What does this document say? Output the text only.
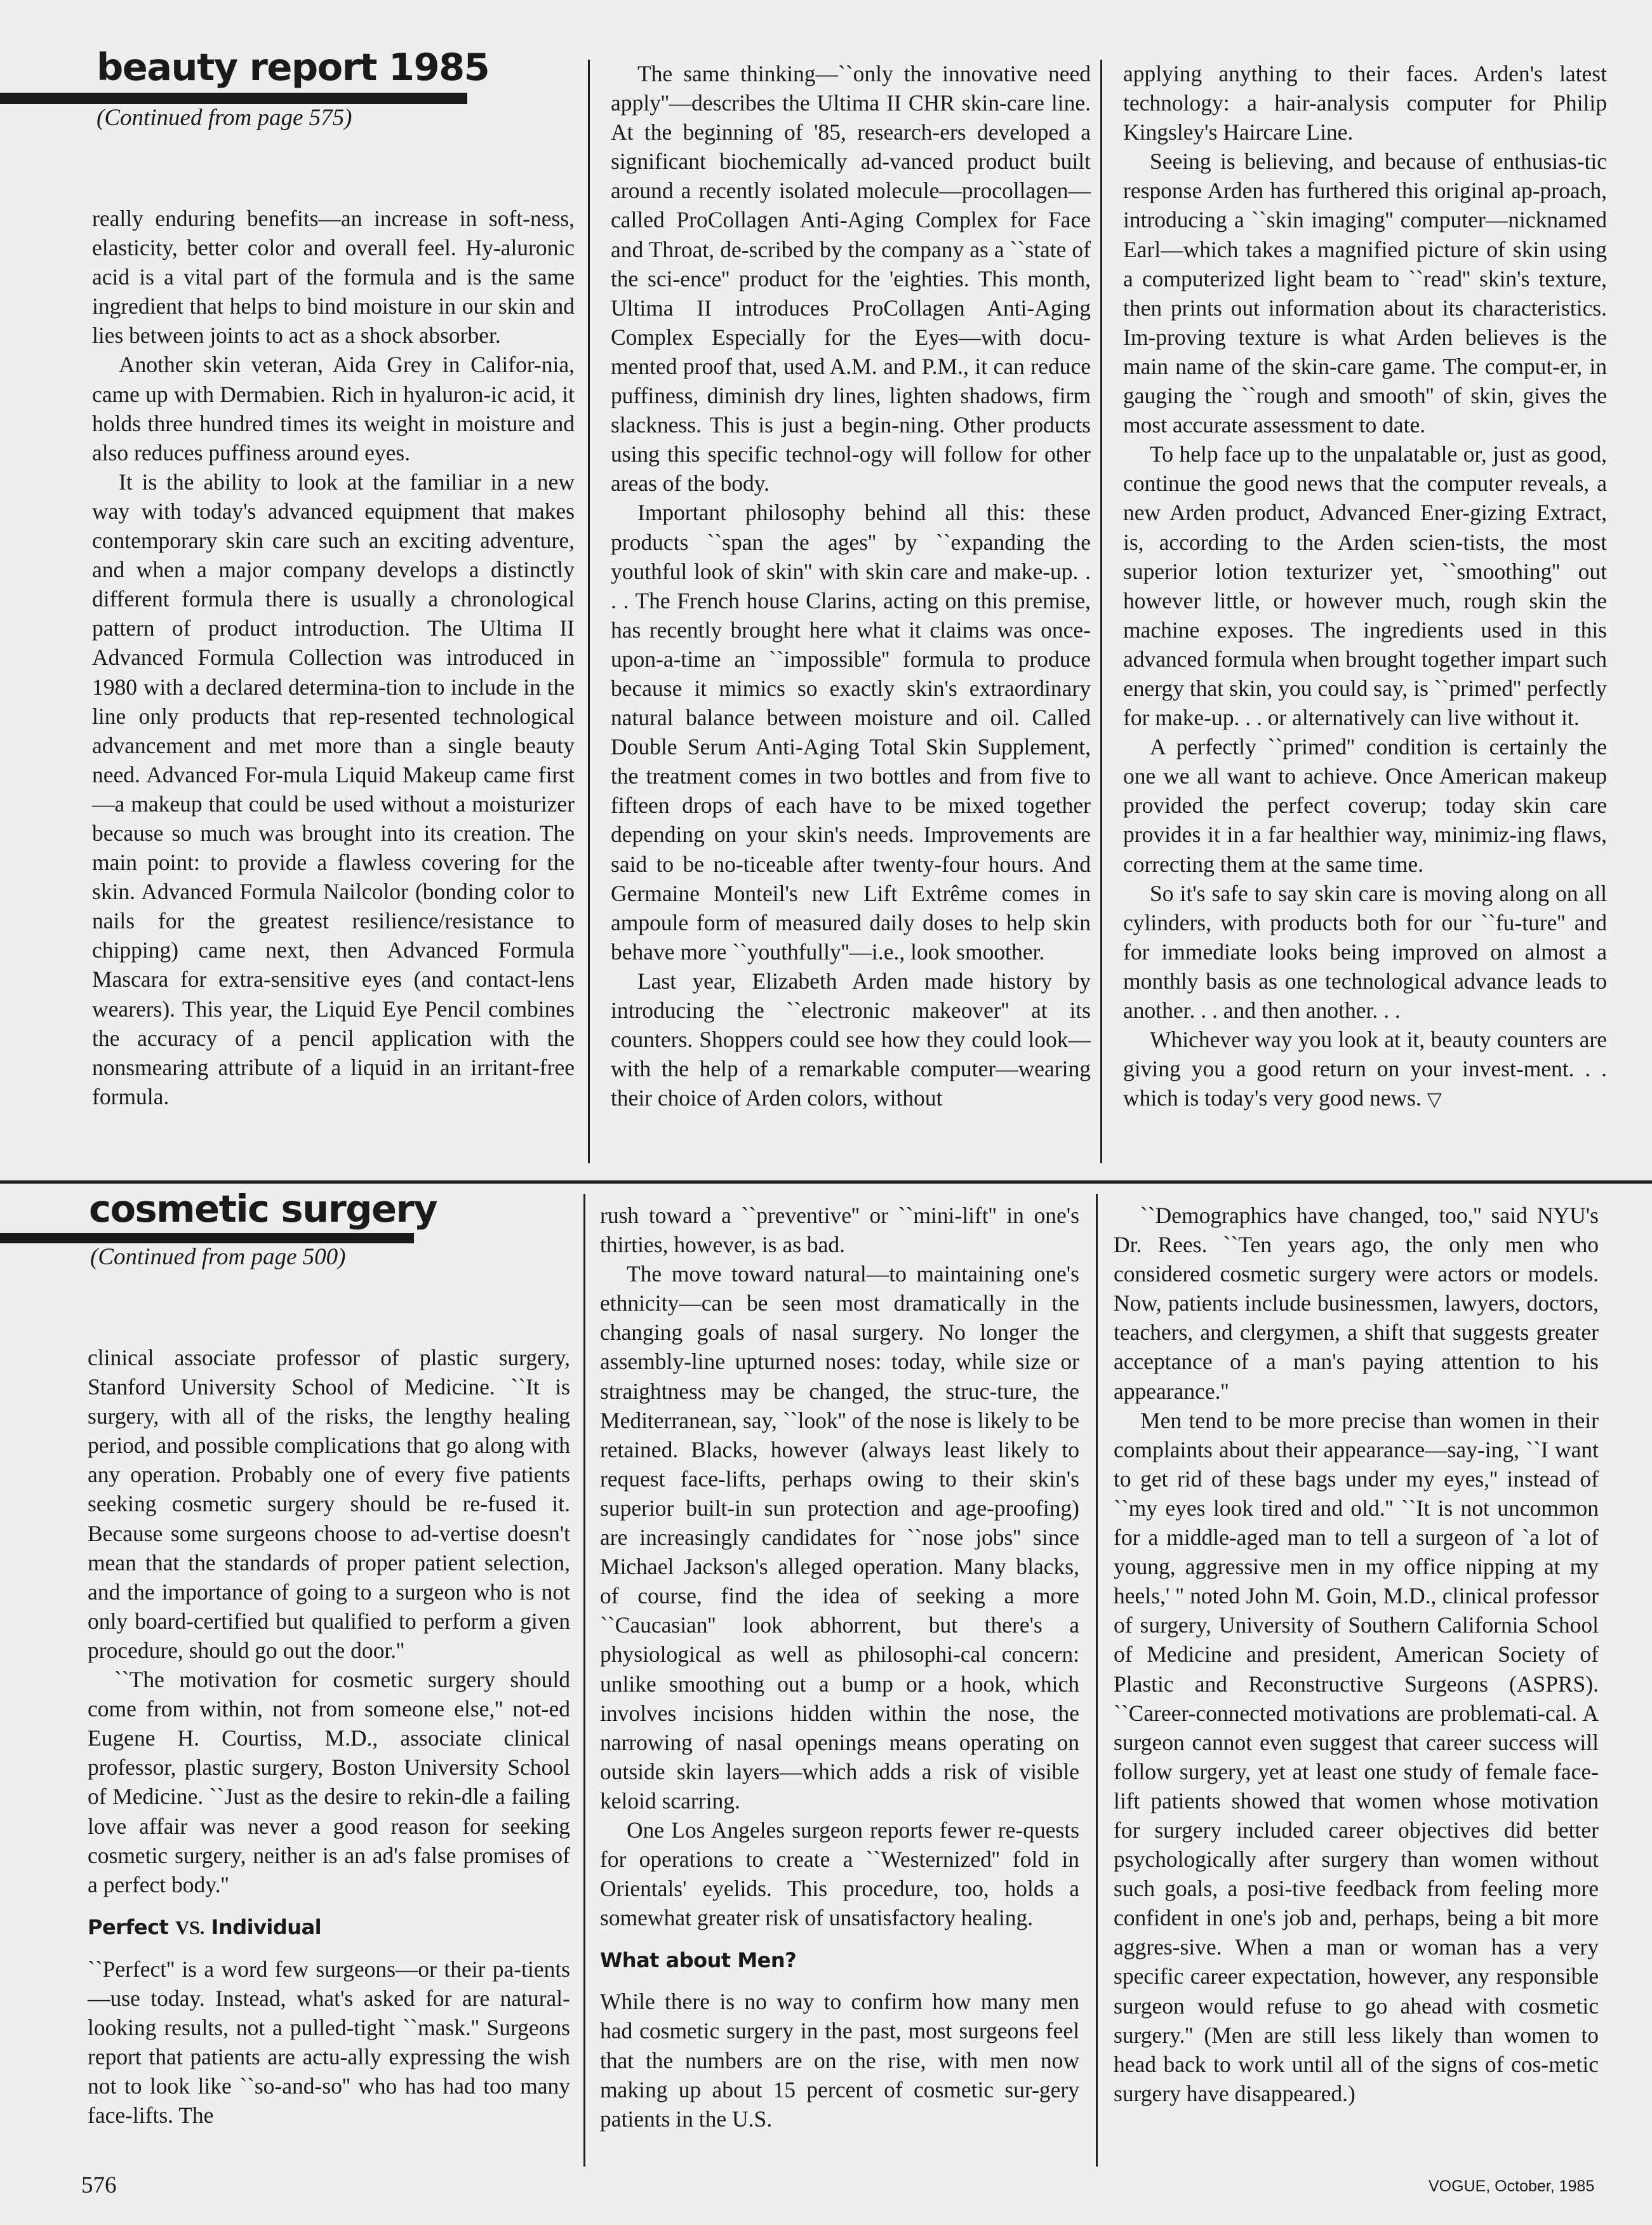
beauty report 1985
(Continued from page 575)

really enduring benefits—an increase in soft-ness, elasticity, better color and overall feel. Hy-aluronic acid is a vital part of the formula and is the same ingredient that helps to bind moisture in our skin and lies between joints to act as a shock absorber.

Another skin veteran, Aida Grey in Califor-nia, came up with Dermabien. Rich in hyaluron-ic acid, it holds three hundred times its weight in moisture and also reduces puffiness around eyes.

It is the ability to look at the familiar in a new way with today's advanced equipment that makes contemporary skin care such an exciting adventure, and when a major company develops a distinctly different formula there is usually a chronological pattern of product introduction. The Ultima II Advanced Formula Collection was introduced in 1980 with a declared determina-tion to include in the line only products that rep-resented technological advancement and met more than a single beauty need. Advanced For-mula Liquid Makeup came first—a makeup that could be used without a moisturizer because so much was brought into its creation. The main point: to provide a flawless covering for the skin. Advanced Formula Nailcolor (bonding color to nails for the greatest resilience/resistance to chipping) came next, then Advanced Formula Mascara for extra-sensitive eyes (and contact-lens wearers). This year, the Liquid Eye Pencil combines the accuracy of a pencil application with the nonsmearing attribute of a liquid in an irritant-free formula.

The same thinking—``only the innovative need apply''—describes the Ultima II CHR skin-care line. At the beginning of '85, research-ers developed a significant biochemically ad-vanced product built around a recently isolated molecule—procollagen—called ProCollagen Anti-Aging Complex for Face and Throat, de-scribed by the company as a ``state of the sci-ence'' product for the 'eighties. This month, Ultima II introduces ProCollagen Anti-Aging Complex Especially for the Eyes—with docu-mented proof that, used A.M. and P.M., it can reduce puffiness, diminish dry lines, lighten shadows, firm slackness. This is just a begin-ning. Other products using this specific technol-ogy will follow for other areas of the body.

Important philosophy behind all this: these products ``span the ages'' by ``expanding the youthful look of skin'' with skin care and make-up. . . . The French house Clarins, acting on this premise, has recently brought here what it claims was once-upon-a-time an ``impossible'' formula to produce because it mimics so exactly skin's extraordinary natural balance between moisture and oil. Called Double Serum Anti-Aging Total Skin Supplement, the treatment comes in two bottles and from five to fifteen drops of each have to be mixed together depending on your skin's needs. Improvements are said to be no-ticeable after twenty-four hours. And Germaine Monteil's new Lift Extrême comes in ampoule form of measured daily doses to help skin behave more ``youthfully''—i.e., look smoother.

Last year, Elizabeth Arden made history by introducing the ``electronic makeover'' at its counters. Shoppers could see how they could look—with the help of a remarkable computer—wearing their choice of Arden colors, without

applying anything to their faces. Arden's latest technology: a hair-analysis computer for Philip Kingsley's Haircare Line.

Seeing is believing, and because of enthusias-tic response Arden has furthered this original ap-proach, introducing a ``skin imaging'' computer—nicknamed Earl—which takes a magnified picture of skin using a computerized light beam to ``read'' skin's texture, then prints out information about its characteristics. Im-proving texture is what Arden believes is the main name of the skin-care game. The comput-er, in gauging the ``rough and smooth'' of skin, gives the most accurate assessment to date.

To help face up to the unpalatable or, just as good, continue the good news that the computer reveals, a new Arden product, Advanced Ener-gizing Extract, is, according to the Arden scien-tists, the most superior lotion texturizer yet, ``smoothing'' out however little, or however much, rough skin the machine exposes. The ingredients used in this advanced formula when brought together impart such energy that skin, you could say, is ``primed'' perfectly for make-up. . . or alternatively can live without it.

A perfectly ``primed'' condition is certainly the one we all want to achieve. Once American makeup provided the perfect coverup; today skin care provides it in a far healthier way, minimiz-ing flaws, correcting them at the same time.

So it's safe to say skin care is moving along on all cylinders, with products both for our ``fu-ture'' and for immediate looks being improved on almost a monthly basis as one technological advance leads to another. . . and then another. . .

Whichever way you look at it, beauty counters are giving you a good return on your invest-ment. . . which is today's very good news. ▽

cosmetic surgery
(Continued from page 500)

clinical associate professor of plastic surgery, Stanford University School of Medicine. ``It is surgery, with all of the risks, the lengthy healing period, and possible complications that go along with any operation. Probably one of every five patients seeking cosmetic surgery should be re-fused it. Because some surgeons choose to ad-vertise doesn't mean that the standards of proper patient selection, and the importance of going to a surgeon who is not only board-certified but qualified to perform a given procedure, should go out the door.''

``The motivation for cosmetic surgery should come from within, not from someone else,'' not-ed Eugene H. Courtiss, M.D., associate clinical professor, plastic surgery, Boston University School of Medicine. ``Just as the desire to rekin-dle a failing love affair was never a good reason for seeking cosmetic surgery, neither is an ad's false promises of a perfect body.''

Perfect VS. Individual

``Perfect'' is a word few surgeons—or their pa-tients—use today. Instead, what's asked for are natural-looking results, not a pulled-tight ``mask.'' Surgeons report that patients are actu-ally expressing the wish not to look like ``so-and-so'' who has had too many face-lifts. The

rush toward a ``preventive'' or ``mini-lift'' in one's thirties, however, is as bad.

The move toward natural—to maintaining one's ethnicity—can be seen most dramatically in the changing goals of nasal surgery. No longer the assembly-line upturned noses: today, while size or straightness may be changed, the struc-ture, the Mediterranean, say, ``look'' of the nose is likely to be retained. Blacks, however (always least likely to request face-lifts, perhaps owing to their skin's superior built-in sun protection and age-proofing) are increasingly candidates for ``nose jobs'' since Michael Jackson's alleged operation. Many blacks, of course, find the idea of seeking a more ``Caucasian'' look abhorrent, but there's a physiological as well as philosophi-cal concern: unlike smoothing out a bump or a hook, which involves incisions hidden within the nose, the narrowing of nasal openings means operating on outside skin layers—which adds a risk of visible keloid scarring.

One Los Angeles surgeon reports fewer re-quests for operations to create a ``Westernized'' fold in Orientals' eyelids. This procedure, too, holds a somewhat greater risk of unsatisfactory healing.

What about Men?

While there is no way to confirm how many men had cosmetic surgery in the past, most surgeons feel that the numbers are on the rise, with men now making up about 15 percent of cosmetic sur-gery patients in the U.S.

``Demographics have changed, too,'' said NYU's Dr. Rees. ``Ten years ago, the only men who considered cosmetic surgery were actors or models. Now, patients include businessmen, lawyers, doctors, teachers, and clergymen, a shift that suggests greater acceptance of a man's paying attention to his appearance.''

Men tend to be more precise than women in their complaints about their appearance—say-ing, ``I want to get rid of these bags under my eyes,'' instead of ``my eyes look tired and old.'' ``It is not uncommon for a middle-aged man to tell a surgeon of `a lot of young, aggressive men in my office nipping at my heels,' '' noted John M. Goin, M.D., clinical professor of surgery, University of Southern California School of Medicine and president, American Society of Plastic and Reconstructive Surgeons (ASPRS). ``Career-connected motivations are problemati-cal. A surgeon cannot even suggest that career success will follow surgery, yet at least one study of female face-lift patients showed that women whose motivation for surgery included career objectives did better psychologically after surgery than women without such goals, a posi-tive feedback from feeling more confident in one's job and, perhaps, being a bit more aggres-sive. When a man or woman has a very specific career expectation, however, any responsible surgeon would refuse to go ahead with cosmetic surgery.'' (Men are still less likely than women to head back to work until all of the signs of cos-metic surgery have disappeared.)

576	VOGUE, October, 1985
